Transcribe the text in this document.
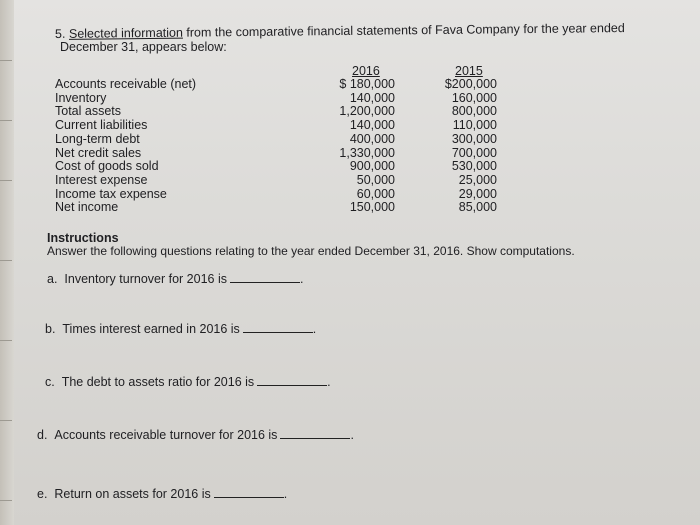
5. Selected information from the comparative financial statements of Fava Company for the year ended
December 31, appears below:
2016	2015
Accounts receivable (net)	$ 180,000	$200,000
Inventory	140,000	160,000
Total assets	1,200,000	800,000
Current liabilities	140,000	110,000
Long-term debt	400,000	300,000
Net credit sales	1,330,000	700,000
Cost of goods sold	900,000	530,000
Interest expense	50,000	25,000
Income tax expense	60,000	29,000
Net income	150,000	85,000
Instructions
Answer the following questions relating to the year ended December 31, 2016. Show computations.
a. Inventory turnover for 2016 is	.
b. Times interest earned in 2016 is	.
c. The debt to assets ratio for 2016 is	.
d. Accounts receivable turnover for 2016 is	.
e. Return on assets for 2016 is	.
